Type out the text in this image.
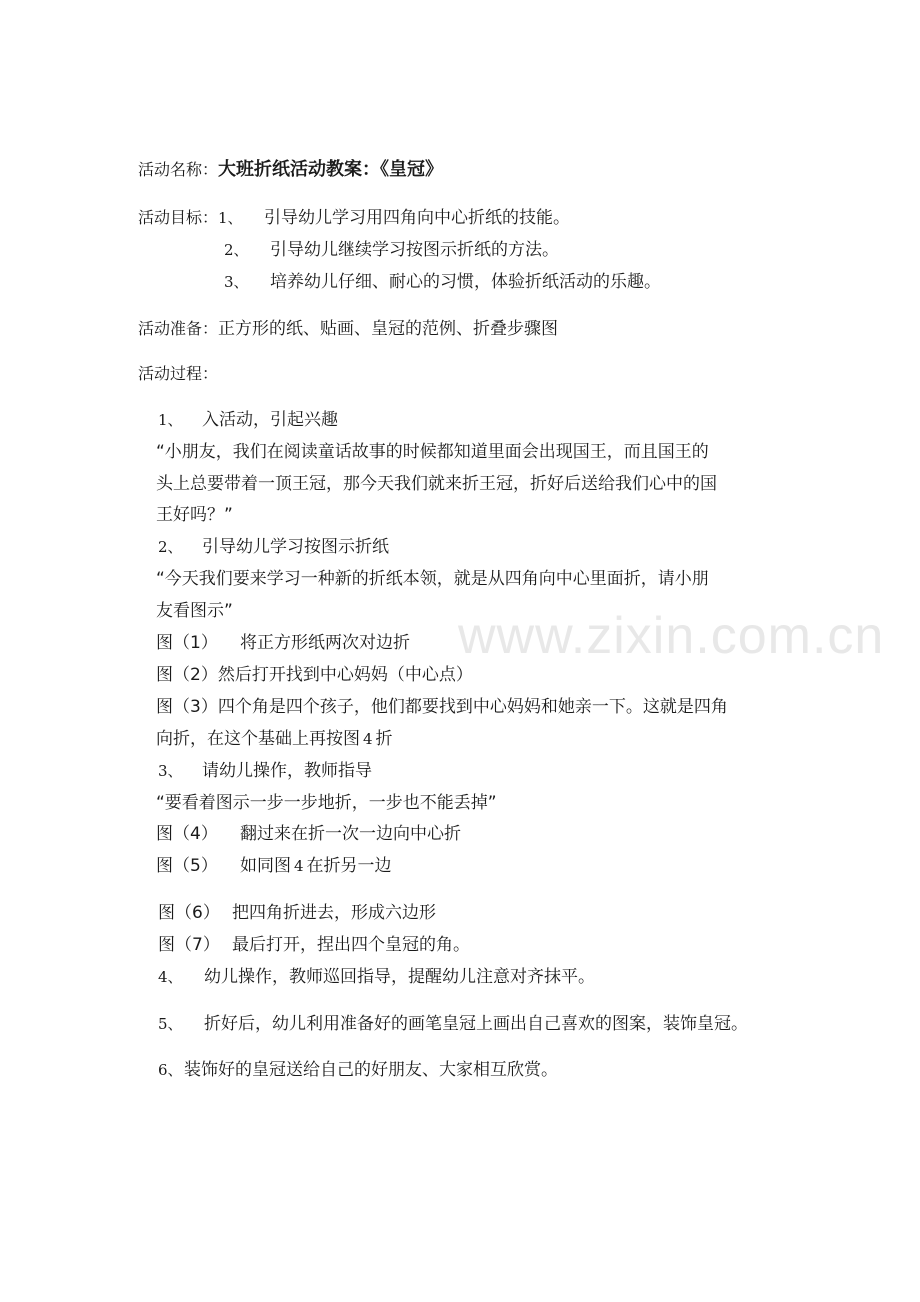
www.zixin.com.cn
活动名称：大班折纸活动教案：《皇冠》
活动目标：1、 引导幼儿学习用四角向中心折纸的技能。
2、 引导幼儿继续学习按图示折纸的方法。
3、 培养幼儿仔细、耐心的习惯，体验折纸活动的乐趣。
活动准备：正方形的纸、贴画、皇冠的范例、折叠步骤图
活动过程：
1、 入活动，引起兴趣
“小朋友，我们在阅读童话故事的时候都知道里面会出现国王，而且国王的
头上总要带着一顶王冠，那今天我们就来折王冠，折好后送给我们心中的国
王好吗？”
2、 引导幼儿学习按图示折纸
“今天我们要来学习一种新的折纸本领，就是从四角向中心里面折，请小朋
友看图示”
图（1） 将正方形纸两次对边折
图（2）然后打开找到中心妈妈（中心点）
图（3）四个角是四个孩子，他们都要找到中心妈妈和她亲一下。这就是四角
向折，在这个基础上再按图 4 折
3、 请幼儿操作，教师指导
“要看着图示一步一步地折，一步也不能丢掉”
图（4） 翻过来在折一次一边向中心折
图（5） 如同图 4 在折另一边
图（6） 把四角折进去，形成六边形
图（7） 最后打开，捏出四个皇冠的角。
4、 幼儿操作，教师巡回指导，提醒幼儿注意对齐抹平。
5、 折好后，幼儿利用准备好的画笔皇冠上画出自己喜欢的图案，装饰皇冠。
6、装饰好的皇冠送给自己的好朋友、大家相互欣赏。
